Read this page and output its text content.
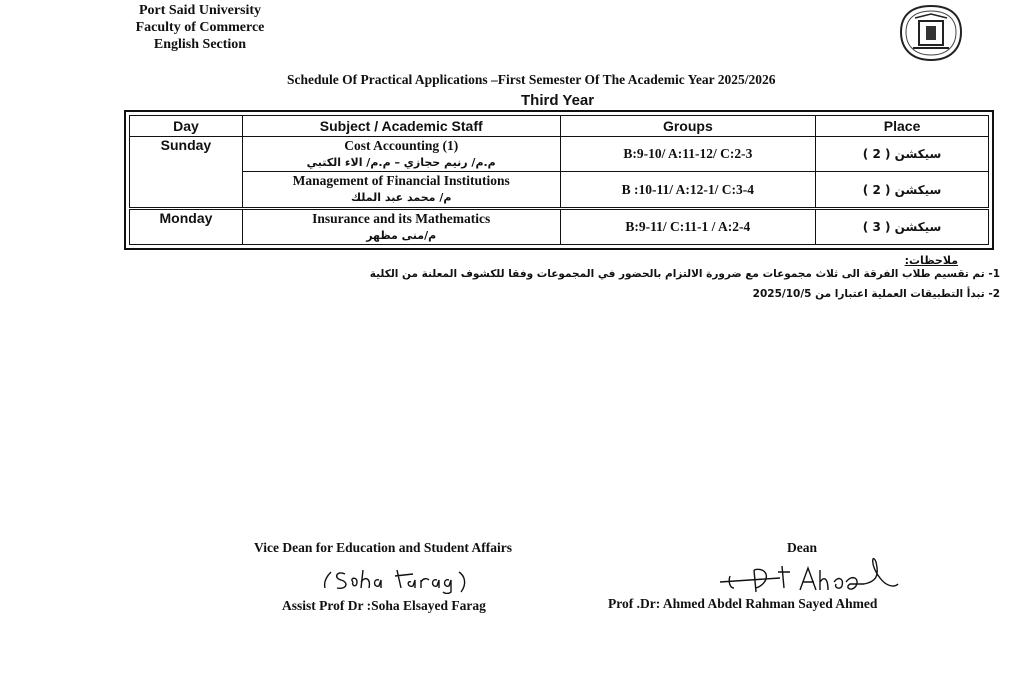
Port Said University
Faculty of Commerce
English Section
Schedule Of Practical Applications –First Semester Of The Academic Year 2025/2026
Third Year
Day	Subject / Academic Staff	Groups	Place
Sunday	Cost Accounting (1)
م.م/ رنيم حجازي – م.م/ الاء الكتبي	B:9-10/ A:11-12/ C:2-3	سيكشن ( 2 )

	Management of Financial Institutions
م/ محمد عبد الملك	B :10-11/ A:12-1/ C:3-4	سيكشن ( 2 )
Monday	Insurance and its Mathematics
م/منى مظهر	B:9-11/ C:11-1 / A:2-4	سيكشن ( 3 )
ملاحظات:
1- تم تقسيم طلاب الفرقة الى ثلاث مجموعات مع ضرورة الالتزام بالحضور في المجموعات وفقا للكشوف المعلنة من الكلية
2- تبدأ التطبيقات العملية اعتبارا من 2025/10/5
Vice Dean for Education and Student Affairs
Assist Prof Dr :Soha Elsayed Farag
Dean
Prof .Dr: Ahmed Abdel Rahman Sayed Ahmed
